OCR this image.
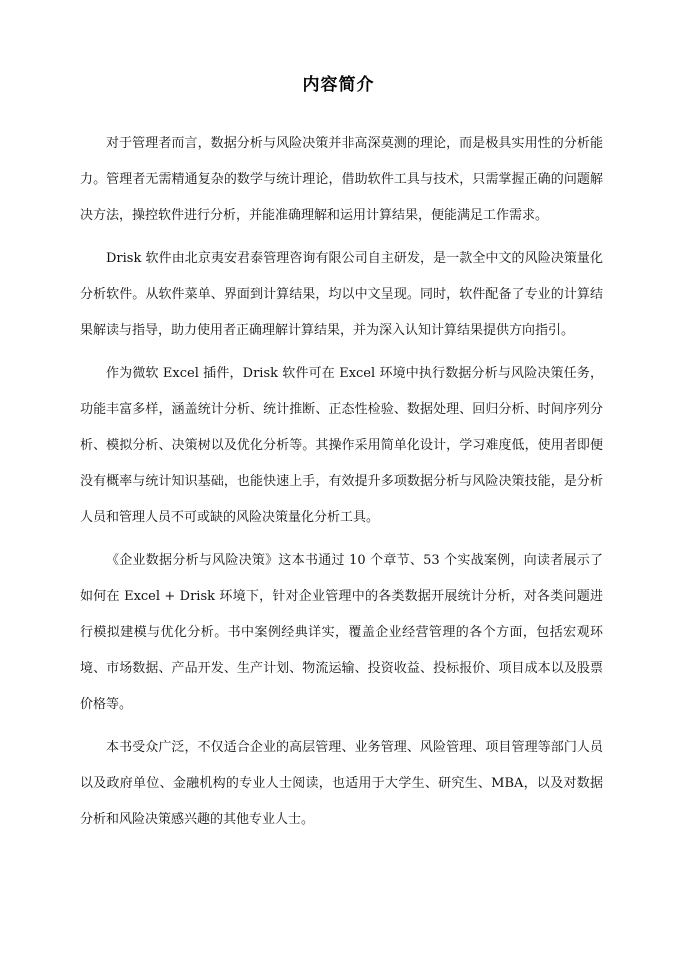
内容简介

对于管理者而言，数据分析与风险决策并非高深莫测的理论，而是极具实用性的分析能力。管理者无需精通复杂的数学与统计理论，借助软件工具与技术，只需掌握正确的问题解决方法，操控软件进行分析，并能准确理解和运用计算结果，便能满足工作需求。

Drisk 软件由北京夷安君泰管理咨询有限公司自主研发，是一款全中文的风险决策量化分析软件。从软件菜单、界面到计算结果，均以中文呈现。同时，软件配备了专业的计算结果解读与指导，助力使用者正确理解计算结果，并为深入认知计算结果提供方向指引。

作为微软 Excel 插件，Drisk 软件可在 Excel 环境中执行数据分析与风险决策任务，功能丰富多样，涵盖统计分析、统计推断、正态性检验、数据处理、回归分析、时间序列分析、模拟分析、决策树以及优化分析等。其操作采用简单化设计，学习难度低，使用者即便没有概率与统计知识基础，也能快速上手，有效提升多项数据分析与风险决策技能，是分析人员和管理人员不可或缺的风险决策量化分析工具。

《企业数据分析与风险决策》这本书通过 10 个章节、53 个实战案例，向读者展示了如何在 Excel + Drisk 环境下，针对企业管理中的各类数据开展统计分析，对各类问题进行模拟建模与优化分析。书中案例经典详实，覆盖企业经营管理的各个方面，包括宏观环境、市场数据、产品开发、生产计划、物流运输、投资收益、投标报价、项目成本以及股票价格等。

本书受众广泛，不仅适合企业的高层管理、业务管理、风险管理、项目管理等部门人员以及政府单位、金融机构的专业人士阅读，也适用于大学生、研究生、MBA，以及对数据分析和风险决策感兴趣的其他专业人士。
